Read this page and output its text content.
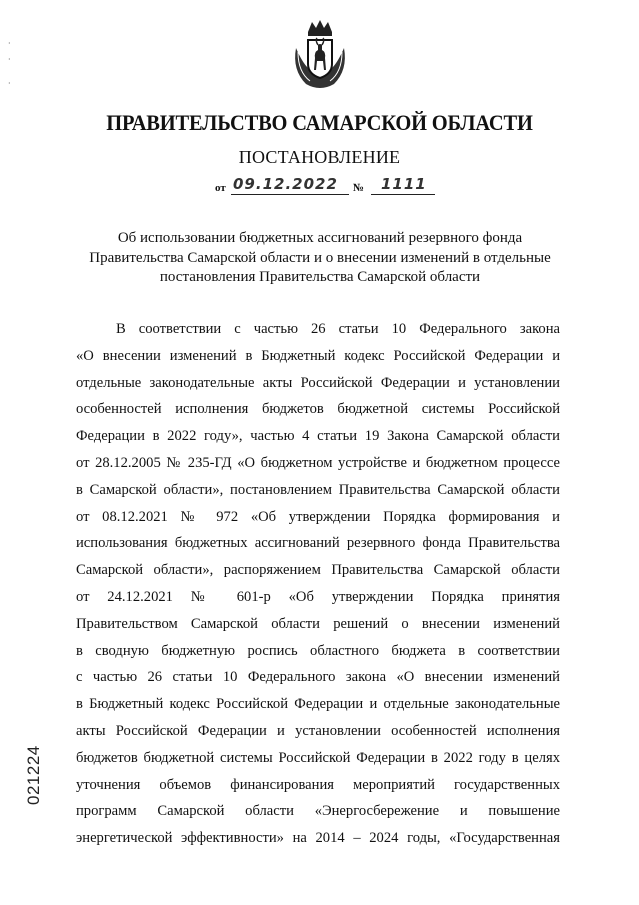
·

·

·
ПРАВИТЕЛЬСТВО САМАРСКОЙ ОБЛАСТИ
ПОСТАНОВЛЕНИЕ
от 09.12.2022 № 1111
Об использовании бюджетных ассигнований резервного фонда
Правительства Самарской области и о внесении изменений в отдельные
постановления Правительства Самарской области
В соответствии с частью 26 статьи 10 Федерального закона
«О внесении изменений в Бюджетный кодекс Российской Федерации и
отдельные законодательные акты Российской Федерации и установлении
особенностей исполнения бюджетов бюджетной системы Российской
Федерации в 2022 году», частью 4 статьи 19 Закона Самарской области
от 28.12.2005 № 235-ГД «О бюджетном устройстве и бюджетном процессе
в Самарской области», постановлением Правительства Самарской области
от 08.12.2021 № 972 «Об утверждении Порядка формирования и
использования бюджетных ассигнований резервного фонда Правительства
Самарской области», распоряжением Правительства Самарской области
от 24.12.2021 № 601-р «Об утверждении Порядка принятия
Правительством Самарской области решений о внесении изменений
в сводную бюджетную роспись областного бюджета в соответствии
с частью 26 статьи 10 Федерального закона «О внесении изменений
в Бюджетный кодекс Российской Федерации и отдельные законодательные
акты Российской Федерации и установлении особенностей исполнения
бюджетов бюджетной системы Российской Федерации в 2022 году в целях
уточнения объемов финансирования мероприятий государственных
программ Самарской области «Энергосбережение и повышение
энергетической эффективности» на 2014 – 2024 годы, «Государственная
021224
